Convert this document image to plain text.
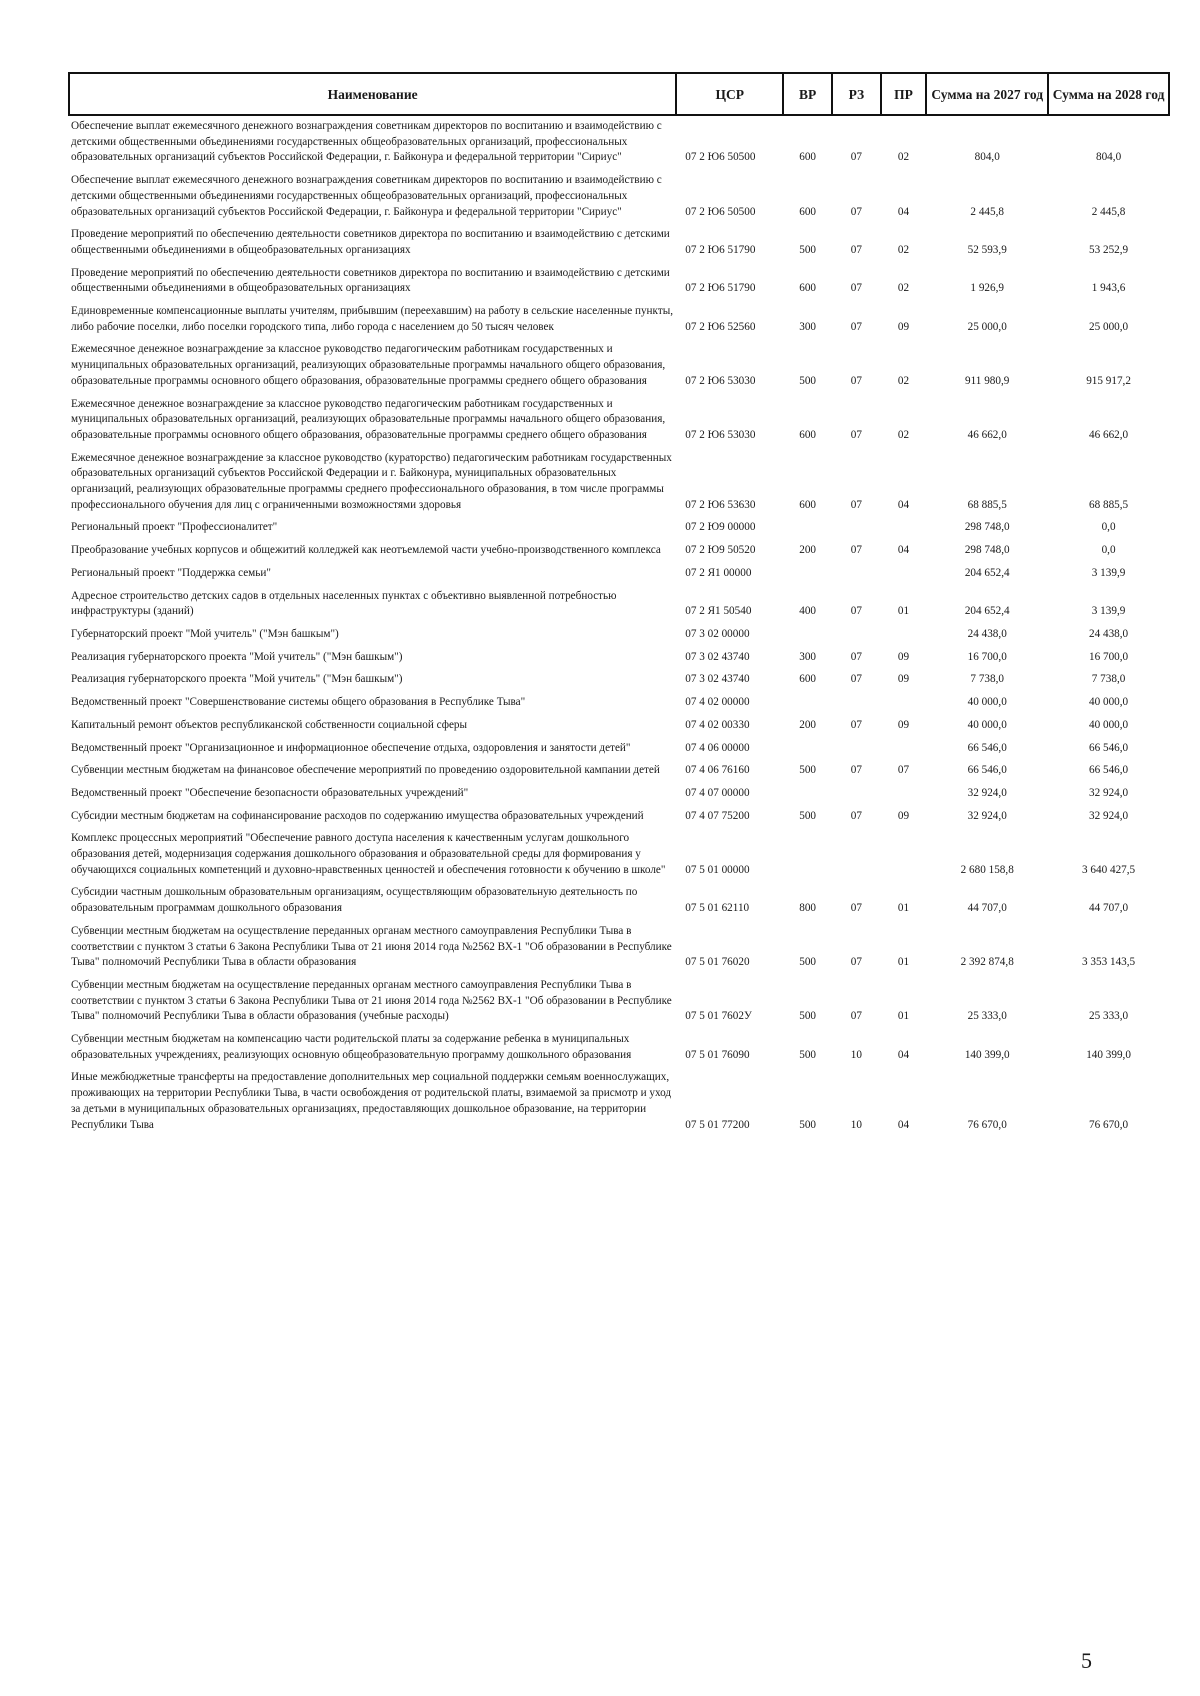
Наименование	ЦСР	ВР	РЗ	ПР	Сумма на 2027 год	Сумма на 2028 год
Обеспечение выплат ежемесячного денежного вознаграждения советникам директоров по воспитанию и взаимодействию с детскими общественными объединениями государственных общеобразовательных организаций, профессиональных образовательных организаций субъектов Российской Федерации, г. Байконура и федеральной территории "Сириус"	07 2 Ю6 50500	600	07	02	804,0	804,0
Обеспечение выплат ежемесячного денежного вознаграждения советникам директоров по воспитанию и взаимодействию с детскими общественными объединениями государственных общеобразовательных организаций, профессиональных образовательных организаций субъектов Российской Федерации, г. Байконура и федеральной территории "Сириус"	07 2 Ю6 50500	600	07	04	2 445,8	2 445,8
Проведение мероприятий по обеспечению деятельности советников директора по воспитанию и взаимодействию с детскими общественными объединениями в общеобразовательных организациях	07 2 Ю6 51790	500	07	02	52 593,9	53 252,9
Проведение мероприятий по обеспечению деятельности советников директора по воспитанию и взаимодействию с детскими общественными объединениями в общеобразовательных организациях	07 2 Ю6 51790	600	07	02	1 926,9	1 943,6
Единовременные компенсационные выплаты учителям, прибывшим (переехавшим) на работу в сельские населенные пункты, либо рабочие поселки, либо поселки городского типа, либо города с населением до 50 тысяч человек	07 2 Ю6 52560	300	07	09	25 000,0	25 000,0
Ежемесячное денежное вознаграждение за классное руководство педагогическим работникам государственных и муниципальных образовательных организаций, реализующих образовательные программы начального общего образования, образовательные программы основного общего образования, образовательные программы среднего общего образования	07 2 Ю6 53030	500	07	02	911 980,9	915 917,2
Ежемесячное денежное вознаграждение за классное руководство педагогическим работникам государственных и муниципальных образовательных организаций, реализующих образовательные программы начального общего образования, образовательные программы основного общего образования, образовательные программы среднего общего образования	07 2 Ю6 53030	600	07	02	46 662,0	46 662,0
Ежемесячное денежное вознаграждение за классное руководство (кураторство) педагогическим работникам государственных образовательных организаций субъектов Российской Федерации и г. Байконура, муниципальных образовательных организаций, реализующих образовательные программы среднего профессионального образования, в том числе программы профессионального обучения для лиц с ограниченными возможностями здоровья	07 2 Ю6 53630	600	07	04	68 885,5	68 885,5
Региональный проект "Профессионалитет"	07 2 Ю9 00000				298 748,0	0,0
Преобразование учебных корпусов и общежитий колледжей как неотъемлемой части учебно-производственного комплекса	07 2 Ю9 50520	200	07	04	298 748,0	0,0
Региональный проект "Поддержка семьи"	07 2 Я1 00000				204 652,4	3 139,9
Адресное строительство детских садов в отдельных населенных пунктах с объективно выявленной потребностью инфраструктуры (зданий)	07 2 Я1 50540	400	07	01	204 652,4	3 139,9
Губернаторский проект "Мой учитель" ("Мэн башкым")	07 3 02 00000				24 438,0	24 438,0
Реализация губернаторского проекта "Мой учитель" ("Мэн башкым")	07 3 02 43740	300	07	09	16 700,0	16 700,0
Реализация губернаторского проекта "Мой учитель" ("Мэн башкым")	07 3 02 43740	600	07	09	7 738,0	7 738,0
Ведомственный проект "Совершенствование системы общего образования в Республике Тыва"	07 4 02 00000				40 000,0	40 000,0
Капитальный ремонт объектов республиканской собственности социальной сферы	07 4 02 00330	200	07	09	40 000,0	40 000,0
Ведомственный проект "Организационное и информационное обеспечение отдыха, оздоровления и занятости детей"	07 4 06 00000				66 546,0	66 546,0
Субвенции местным бюджетам на финансовое обеспечение мероприятий по проведению оздоровительной кампании детей	07 4 06 76160	500	07	07	66 546,0	66 546,0
Ведомственный проект "Обеспечение безопасности образовательных учреждений"	07 4 07 00000				32 924,0	32 924,0
Субсидии местным бюджетам на софинансирование расходов по содержанию имущества образовательных учреждений	07 4 07 75200	500	07	09	32 924,0	32 924,0
Комплекс процессных мероприятий "Обеспечение равного доступа населения к качественным услугам дошкольного образования детей, модернизация содержания дошкольного образования и образовательной среды для формирования у обучающихся социальных компетенций и духовно-нравственных ценностей и обеспечения готовности к обучению в школе"	07 5 01 00000				2 680 158,8	3 640 427,5
Субсидии частным дошкольным образовательным организациям, осуществляющим образовательную деятельность по образовательным программам дошкольного образования	07 5 01 62110	800	07	01	44 707,0	44 707,0
Субвенции местным бюджетам на осуществление переданных органам местного самоуправления Республики Тыва в соответствии с пунктом 3 статьи 6 Закона Республики Тыва от 21 июня 2014 года №2562 ВХ-1 "Об образовании в Республике Тыва" полномочий Республики Тыва в области образования	07 5 01 76020	500	07	01	2 392 874,8	3 353 143,5
Субвенции местным бюджетам на осуществление переданных органам местного самоуправления Республики Тыва в соответствии с пунктом 3 статьи 6 Закона Республики Тыва от 21 июня 2014 года №2562 ВХ-1 "Об образовании в Республике Тыва" полномочий Республики Тыва в области образования (учебные расходы)	07 5 01 7602У	500	07	01	25 333,0	25 333,0
Субвенции местным бюджетам на компенсацию части родительской платы за содержание ребенка в муниципальных образовательных учреждениях, реализующих основную общеобразовательную программу дошкольного образования	07 5 01 76090	500	10	04	140 399,0	140 399,0
Иные межбюджетные трансферты на предоставление дополнительных мер социальной поддержки семьям военнослужащих, проживающих на территории Республики Тыва, в части освобождения от родительской платы, взимаемой за присмотр и уход за детьми в муниципальных образовательных организациях, предоставляющих дошкольное образование, на территории Республики Тыва	07 5 01 77200	500	10	04	76 670,0	76 670,0
5
